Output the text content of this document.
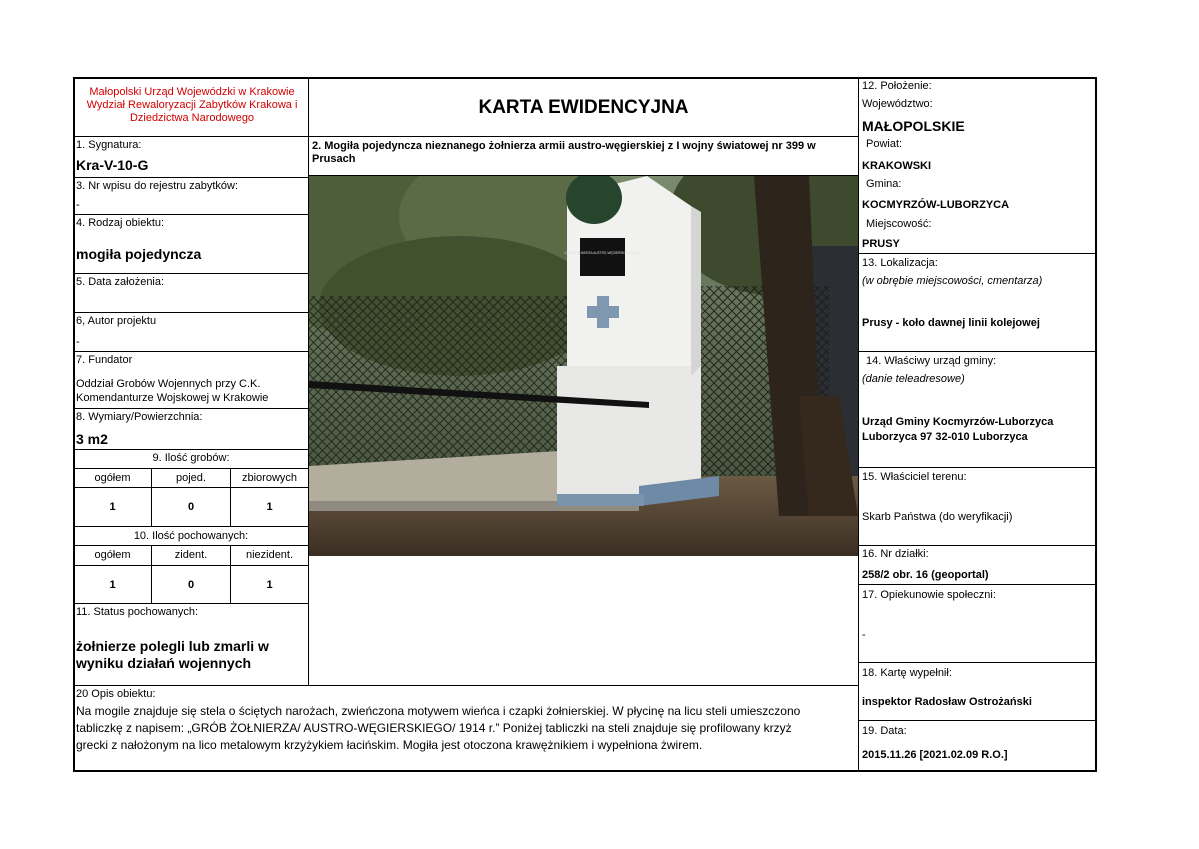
Małopolski Urząd Wojewódzki w Krakowie
Wydział Rewaloryzacji Zabytków Krakowa i
Dziedzictwa Narodowego	KARTA EWIDENCYJNA
1. Sygnatura:
Kra-V-10-G
3. Nr wpisu do rejestru zabytków:
-
4. Rodzaj obiektu:
mogiła pojedyncza
5. Data założenia:
6, Autor projektu
-
7. Fundator
Oddział Grobów Wojennych przy C.K.
Komendanturze Wojskowej w Krakowie
8. Wymiary/Powierzchnia:
3 m2
9. Ilość grobów:
ogółem	pojed.	zbiorowych
1	0	1
10. Ilość pochowanych:
ogółem	zident.	niezident.
1	0	1
11. Status pochowanych:
żołnierze polegli lub zmarli w
wyniku działań wojennych
2. Mogiła pojedyncza nieznanego żołnierza armii austro-węgierskiej z I wojny światowej nr 399 w
Prusach
GRÓB ŻOŁNIERZA AUSTRO-WĘGIERSKIEGO 1914
12. Położenie:
Województwo:
MAŁOPOLSKIE
Powiat:
KRAKOWSKI
Gmina:
KOCMYRZÓW-LUBORZYCA
Miejscowość:
PRUSY
13. Lokalizacja:
(w obrębie miejscowości, cmentarza)
Prusy - koło dawnej linii kolejowej
14. Właściwy urząd gminy:
(danie teleadresowe)
Urząd Gminy Kocmyrzów-Luborzyca
Luborzyca 97 32-010 Luborzyca
15. Właściciel terenu:
Skarb Państwa (do weryfikacji)
16. Nr działki:
258/2 obr. 16 (geoportal)
17. Opiekunowie społeczni:
-
18. Kartę wypełnił:
inspektor Radosław Ostrożański
19. Data:
2015.11.26 [2021.02.09 R.O.]
20 Opis obiektu:
Na mogile znajduje się stela o ściętych narożach, zwieńczona motywem wieńca i czapki żołnierskiej. W płycinę na licu steli umieszczono
tabliczkę z napisem: „GRÓB ŻOŁNIERZA/ AUSTRO-WĘGIERSKIEGO/ 1914 r.” Poniżej tabliczki na steli znajduje się profilowany krzyż
grecki z nałożonym na lico metalowym krzyżykiem łacińskim. Mogiła jest otoczona krawężnikiem i wypełniona żwirem.
